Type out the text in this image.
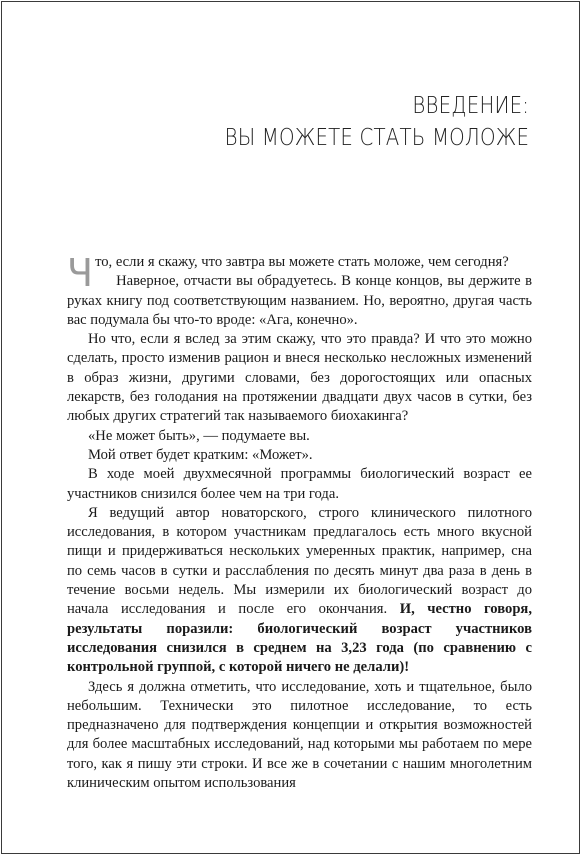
ВВЕДЕНИЕ:
ВЫ МОЖЕТЕ СТАТЬ МОЛОЖЕ

Что, если я скажу, что завтра вы можете стать моложе, чем сегодня?

Наверное, отчасти вы обрадуетесь. В конце концов, вы держите в руках книгу под соответствующим названием. Но, вероятно, другая часть вас подумала бы что-то вроде: «Ага, конечно».

Но что, если я вслед за этим скажу, что это правда? И что это можно сделать, просто изменив рацион и внеся несколько несложных изменений в образ жизни, другими словами, без дорогостоящих или опасных лекарств, без голодания на протяжении двадцати двух часов в сутки, без любых других стратегий так называемого биохакинга?

«Не может быть», — подумаете вы.

Мой ответ будет кратким: «Может».

В ходе моей двухмесячной программы биологический возраст ее участников снизился более чем на три года.

Я ведущий автор новаторского, строго клинического пилотного исследования, в котором участникам предлагалось есть много вкусной пищи и придерживаться нескольких умеренных практик, например, сна по семь часов в сутки и расслабления по десять минут два раза в день в течение восьми недель. Мы измерили их биологический возраст до начала исследования и после его окончания. И, честно говоря, результаты поразили: биологический возраст участников исследования снизился в среднем на 3,23 года (по сравнению с контрольной группой, с которой ничего не делали)!

Здесь я должна отметить, что исследование, хоть и тщательное, было небольшим. Технически это пилотное исследование, то есть предназначено для подтверждения концепции и открытия возможностей для более масштабных исследований, над которыми мы работаем по мере того, как я пишу эти строки. И все же в сочетании с нашим многолетним клиническим опытом использования
